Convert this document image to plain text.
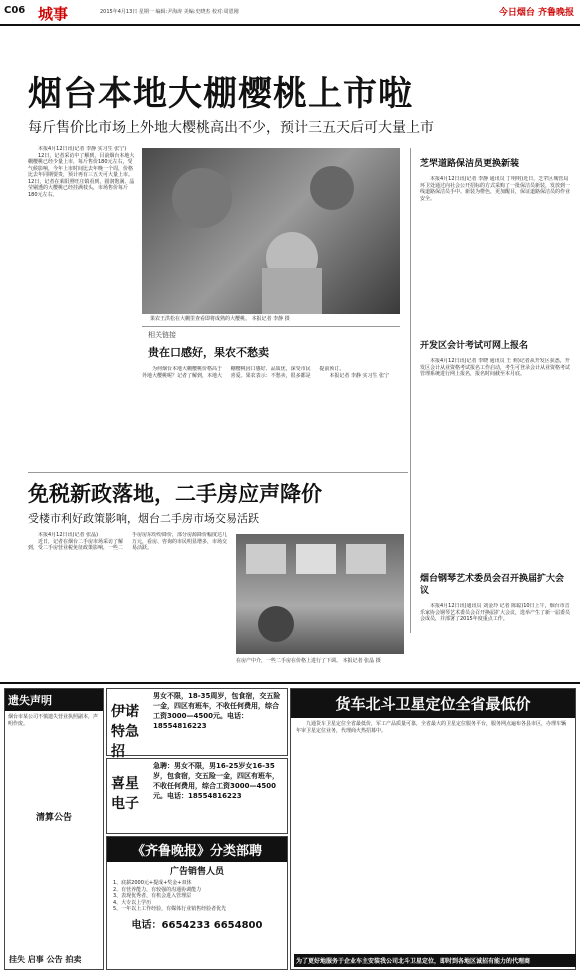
C06 城事	2015年4月13日 星期一 编辑:尹海涛 美编:史晓杰 校对:周恩刚	今日烟台 齐鲁晚报
烟台本地大棚樱桃上市啦
每斤售价比市场上外地大樱桃高出不少，预计三五天后可大量上市

本报4月12日讯(记者 李静 实习生 张宁)

12日，记者采访中了解到，目前烟台本地大棚樱桃已经少量上市，每斤售价180元左右，受气候影响，今年上市时间比去年晚一个周，价格比去年同期要贵，预计再有三五天可大量上市。12日，记者在莱阳照旺庄镇看到，圆润饱满、晶莹剔透的大樱桃已经挂满枝头，市场售价每斤180元左右。

果农王洪松在大棚里查看即将成熟的大樱桃。 本报记者 李静 摄
相关链接
贵在口感好，果农不愁卖

为何烟台本地大棚樱桃价格高于外地大樱桃呢？记者了解到，本地大棚樱桃因口感好、品质优，深受市民喜爱。果农表示：不愁卖，很多都是提前预订。

本报记者 李静 实习生 张宁

芝罘道路保洁员更换新装

本报4月12日讯(记者 李静 通讯员 丁明明)近日，芝罘区城管局环卫处通过向社会公开招标的方式采购了一批保洁员新装，发放到一线道路保洁员手中。新装为橙色，更加醒目，保证道路保洁员的作业安全。

开发区会计考试可网上报名

本报4月12日讯(记者 李晓 通讯员 王 莉)记者从开发区获悉，开发区会计从业资格考试报名工作启动，考生可登录会计从业资格考试管理系统进行网上报名，报名时间截至本月底。

烟台钢琴艺术委员会召开换届扩大会议

本报4月12日讯(通讯员 刘金玲 记者 陈聪)10日上午，烟台市音乐家协会钢琴艺术委员会召开换届扩大会议，选举产生了新一届委员会成员，并部署了2015年度重点工作。

免税新政落地，二手房应声降价
受楼市利好政策影响，烟台二手房市场交易活跃

本报4月12日讯(记者 张晶)

近日，记者在烟台二手房市场采访了解到，受二手房营业税免征政策影响，一些二手房房东纷纷降价，部分房源降价幅度达几万元，看房、咨询的市民明显增多，市场交易活跃。

在房产中介，一些二手房在价格上进行了下调。 本报记者 张晶 摄
遗失声明
烟台市某公司不慎遗失营业执照副本，声明作废。
清算公告
挂失 启事 公告 拍卖
伊诺特急招
男女不限，18-35周岁，包食宿，交五险一金，四区有班车，不收任何费用，综合工资3000—4500元。电话：18554816223
喜星电子
急聘：男女不限，男16-25岁女16-35岁，包食宿，交五险一金，四区有班车，不收任何费用，综合工资3000—4500元。电话：18554816223
《齐鲁晚报》分类部聘
广告销售人员
1、底薪2000元+提成+奖金+双休
2、有营养能力，有较强的沟通协调能力
3、表现优秀者，有机会进入管理层
4、大专以上学历
5、一年以上工作经验，有媒体行业销售经验者优先
电话：6654233 6654800
货车北斗卫星定位全省最低价

九通货车卫星定位全省最低价，军工产品质量可靠，全省最大的卫星定位服务平台，服务网点遍布各县市区，办理车辆年审卫星定位业务，代理商火热招募中。

为了更好地服务于企业车主安装我公司北斗卫星定位，即时到各地区诚招有能力的代理商
